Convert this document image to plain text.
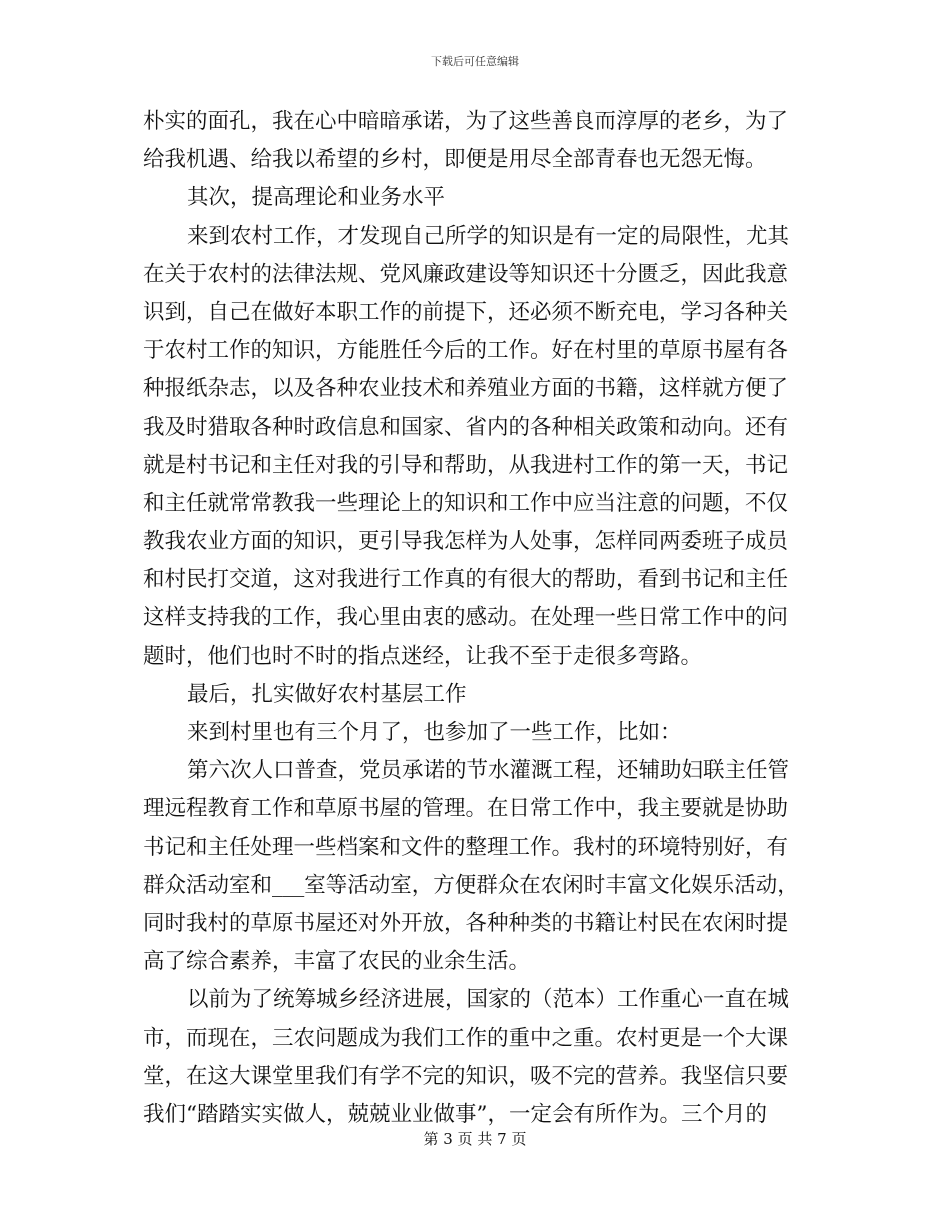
下载后可任意编辑
朴实的面孔，我在心中暗暗承诺，为了这些善良而淳厚的老乡，为了
给我机遇、给我以希望的乡村，即便是用尽全部青春也无怨无悔。
其次，提高理论和业务水平
来到农村工作，才发现自己所学的知识是有一定的局限性，尤其
在关于农村的法律法规、党风廉政建设等知识还十分匮乏，因此我意
识到，自己在做好本职工作的前提下，还必须不断充电，学习各种关
于农村工作的知识，方能胜任今后的工作。好在村里的草原书屋有各
种报纸杂志，以及各种农业技术和养殖业方面的书籍，这样就方便了
我及时猎取各种时政信息和国家、省内的各种相关政策和动向。还有
就是村书记和主任对我的引导和帮助，从我进村工作的第一天，书记
和主任就常常教我一些理论上的知识和工作中应当注意的问题，不仅
教我农业方面的知识，更引导我怎样为人处事，怎样同两委班子成员
和村民打交道，这对我进行工作真的有很大的帮助，看到书记和主任
这样支持我的工作，我心里由衷的感动。在处理一些日常工作中的问
题时，他们也时不时的指点迷经，让我不至于走很多弯路。
最后，扎实做好农村基层工作
来到村里也有三个月了，也参加了一些工作，比如：
第六次人口普查，党员承诺的节水灌溉工程，还辅助妇联主任管
理远程教育工作和草原书屋的管理。在日常工作中，我主要就是协助
书记和主任处理一些档案和文件的整理工作。我村的环境特别好，有
群众活动室和___室等活动室，方便群众在农闲时丰富文化娱乐活动，
同时我村的草原书屋还对外开放，各种种类的书籍让村民在农闲时提
高了综合素养，丰富了农民的业余生活。
以前为了统筹城乡经济进展，国家的（范本）工作重心一直在城
市，而现在，三农问题成为我们工作的重中之重。农村更是一个大课
堂，在这大课堂里我们有学不完的知识，吸不完的营养。我坚信只要
我们“踏踏实实做人，兢兢业业做事”，一定会有所作为。三个月的
第 3 页 共 7 页
